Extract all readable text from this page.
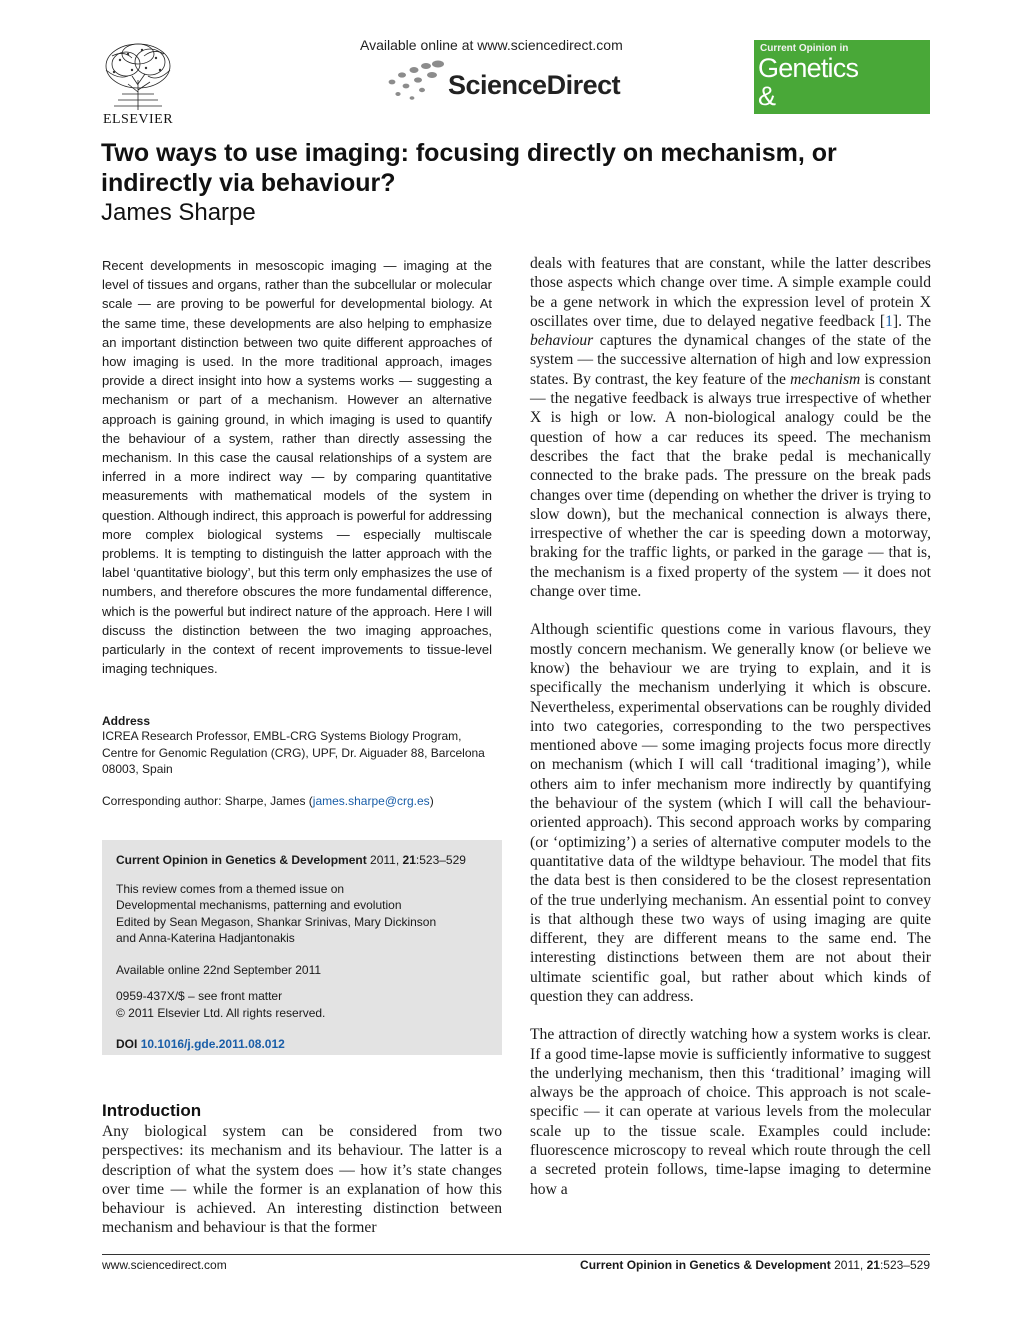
ELSEVIER
Available online at www.sciencedirect.com
ScienceDirect
Current Opinion in
Genetics
& Development
Two ways to use imaging: focusing directly on mechanism, or indirectly via behaviour?
James Sharpe

Recent developments in mesoscopic imaging — imaging at the level of tissues and organs, rather than the subcellular or molecular scale — are proving to be powerful for developmental biology. At the same time, these developments are also helping to emphasize an important distinction between two quite different approaches of how imaging is used. In the more traditional approach, images provide a direct insight into how a systems works — suggesting a mechanism or part of a mechanism. However an alternative approach is gaining ground, in which imaging is used to quantify the behaviour of a system, rather than directly assessing the mechanism. In this case the causal relationships of a system are inferred in a more indirect way — by comparing quantitative measurements with mathematical models of the system in question. Although indirect, this approach is powerful for addressing more complex biological systems — especially multiscale problems. It is tempting to distinguish the latter approach with the label ‘quantitative biology’, but this term only emphasizes the use of numbers, and therefore obscures the more fundamental difference, which is the powerful but indirect nature of the approach. Here I will discuss the distinction between the two imaging approaches, particularly in the context of recent improvements to tissue-level imaging techniques.

Address

ICREA Research Professor, EMBL-CRG Systems Biology Program, Centre for Genomic Regulation (CRG), UPF, Dr. Aiguader 88, Barcelona 08003, Spain

Corresponding author: Sharpe, James (james.sharpe@crg.es)

Current Opinion in Genetics & Development 2011, 21:523–529

This review comes from a themed issue on

Developmental mechanisms, patterning and evolution

Edited by Sean Megason, Shankar Srinivas, Mary Dickinson

and Anna-Katerina Hadjantonakis

Available online 22nd September 2011

0959-437X/$ – see front matter

© 2011 Elsevier Ltd. All rights reserved.

DOI 10.1016/j.gde.2011.08.012

Introduction

Any biological system can be considered from two perspectives: its mechanism and its behaviour. The latter is a description of what the system does — how it’s state changes over time — while the former is an explanation of how this behaviour is achieved. An interesting distinction between mechanism and behaviour is that the former

deals with features that are constant, while the latter describes those aspects which change over time. A simple example could be a gene network in which the expression level of protein X oscillates over time, due to delayed negative feedback [1]. The behaviour captures the dynamical changes of the state of the system — the successive alternation of high and low expression states. By contrast, the key feature of the mechanism is constant — the negative feedback is always true irrespective of whether X is high or low. A non-biological analogy could be the question of how a car reduces its speed. The mechanism describes the fact that the brake pedal is mechanically connected to the brake pads. The pressure on the break pads changes over time (depending on whether the driver is trying to slow down), but the mechanical connection is always there, irrespective of whether the car is speeding down a motorway, braking for the traffic lights, or parked in the garage — that is, the mechanism is a fixed property of the system — it does not change over time.

Although scientific questions come in various flavours, they mostly concern mechanism. We generally know (or believe we know) the behaviour we are trying to explain, and it is specifically the mechanism underlying it which is obscure. Nevertheless, experimental observations can be roughly divided into two categories, corresponding to the two perspectives mentioned above — some imaging projects focus more directly on mechanism (which I will call ‘traditional imaging’), while others aim to infer mechanism more indirectly by quantifying the behaviour of the system (which I will call the behaviour-oriented approach). This second approach works by comparing (or ‘optimizing’) a series of alternative computer models to the quantitative data of the wildtype behaviour. The model that fits the data best is then considered to be the closest representation of the true underlying mechanism. An essential point to convey is that although these two ways of using imaging are quite different, they are different means to the same end. The interesting distinctions between them are not about their ultimate scientific goal, but rather about which kinds of question they can address.

The attraction of directly watching how a system works is clear. If a good time-lapse movie is sufficiently informative to suggest the underlying mechanism, then this ‘traditional’ imaging will always be the approach of choice. This approach is not scale-specific — it can operate at various levels from the molecular scale up to the tissue scale. Examples could include: fluorescence microscopy to reveal which route through the cell a secreted protein follows, time-lapse imaging to determine how a

www.sciencedirect.com	Current Opinion in Genetics & Development 2011, 21:523–529
